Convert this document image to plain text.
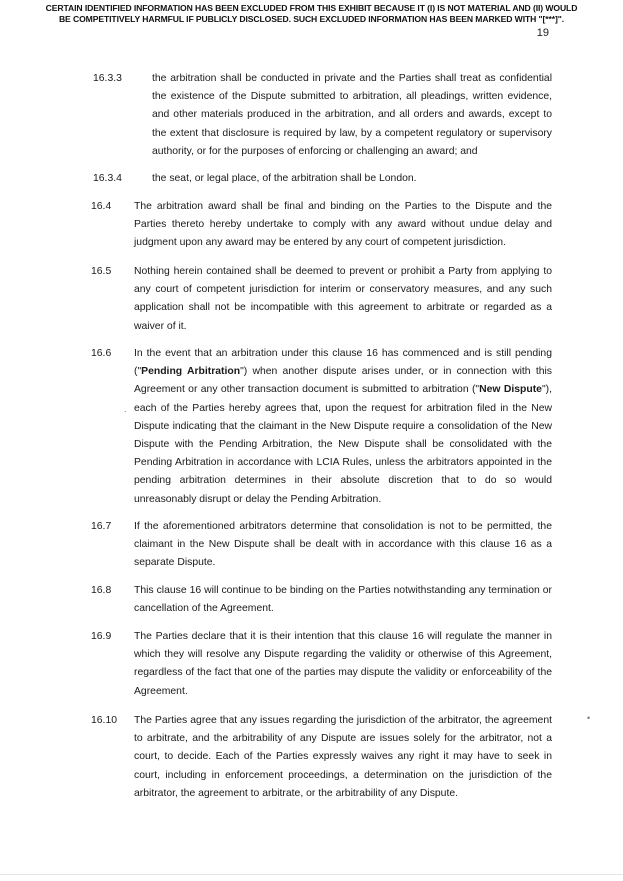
CERTAIN IDENTIFIED INFORMATION HAS BEEN EXCLUDED FROM THIS EXHIBIT BECAUSE IT (I) IS NOT MATERIAL AND (II) WOULD
BE COMPETITIVELY HARMFUL IF PUBLICLY DISCLOSED. SUCH EXCLUDED INFORMATION HAS BEEN MARKED WITH "[***]".
19
16.3.3	the arbitration shall be conducted in private and the Parties shall treat as confidential the existence of the Dispute submitted to arbitration, all pleadings, written evidence, and other materials produced in the arbitration, and all orders and awards, except to the extent that disclosure is required by law, by a competent regulatory or supervisory authority, or for the purposes of enforcing or challenging an award; and

16.3.4	the seat, or legal place, of the arbitration shall be London.

16.4 The arbitration award shall be final and binding on the Parties to the Dispute and the Parties thereto hereby undertake to comply with any award without undue delay and judgment upon any award may be entered by any court of competent jurisdiction.

16.5 Nothing herein contained shall be deemed to prevent or prohibit a Party from applying to any court of competent jurisdiction for interim or conservatory measures, and any such application shall not be incompatible with this agreement to arbitrate or regarded as a waiver of it.

16.6 In the event that an arbitration under this clause 16 has commenced and is still pending ("Pending Arbitration") when another dispute arises under, or in connection with this Agreement or any other transaction document is submitted to arbitration ("New Dispute"), each of the Parties hereby agrees that, upon the request for arbitration filed in the New Dispute indicating that the claimant in the New Dispute require a consolidation of the New Dispute with the Pending Arbitration, the New Dispute shall be consolidated with the Pending Arbitration in accordance with LCIA Rules, unless the arbitrators appointed in the pending arbitration determines in their absolute discretion that to do so would unreasonably disrupt or delay the Pending Arbitration.

16.7 If the aforementioned arbitrators determine that consolidation is not to be permitted, the claimant in the New Dispute shall be dealt with in accordance with this clause 16 as a separate Dispute.

16.8 This clause 16 will continue to be binding on the Parties notwithstanding any termination or cancellation of the Agreement.

16.9 The Parties declare that it is their intention that this clause 16 will regulate the manner in which they will resolve any Dispute regarding the validity or otherwise of this Agreement, regardless of the fact that one of the parties may dispute the validity or enforceability of the Agreement.

16.10 The Parties agree that any issues regarding the jurisdiction of the arbitrator, the agreement to arbitrate, and the arbitrability of any Dispute are issues solely for the arbitrator, not a court, to decide. Each of the Parties expressly waives any right it may have to seek in court, including in enforcement proceedings, a determination on the jurisdiction of the arbitrator, the agreement to arbitrate, or the arbitrability of any Dispute.

.
•
